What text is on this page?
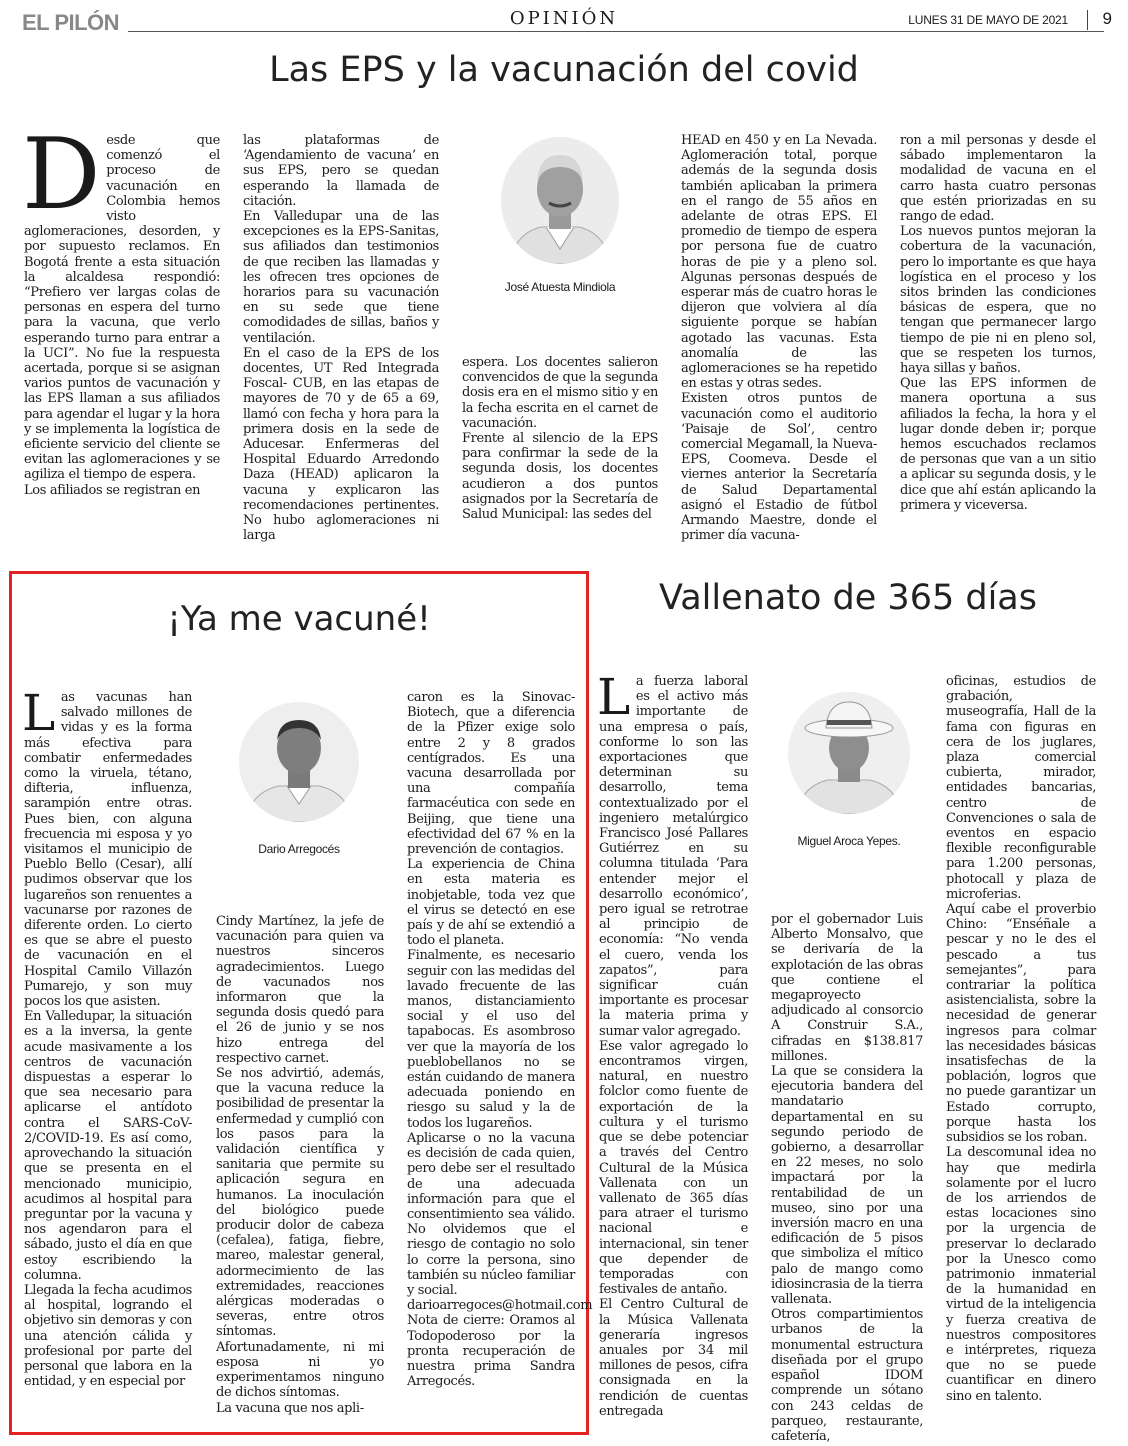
EL PILÓN	OPINIÓN	LUNES 31 DE MAYO DE 2021 9
Las EPS y la vacunación del covid
D esde que comenzó el proceso de vacunación en Colombia hemos visto aglomeraciones, desorden, y por supuesto reclamos. En Bogotá frente a esta situación la alcaldesa respondió: “Prefiero ver largas colas de personas en espera del turno para la vacuna, que verlo esperando turno para entrar a la UCI”. No fue la respuesta acertada, porque si se asignan varios puntos de vacunación y las EPS llaman a sus afiliados para agendar el lugar y la hora y se implementa la logística de eficiente servicio del cliente se evitan las aglomeraciones y se agiliza el tiempo de espera.

Los afiliados se registran en

las plataformas de ‘Agendamiento de vacuna’ en sus EPS, pero se quedan esperando la llamada de citación.

En Valledupar una de las excepciones es la EPS-Sanitas, sus afiliados dan testimonios de que reciben las llamadas y les ofrecen tres opciones de horarios para su vacunación en su sede que tiene comodidades de sillas, baños y ventilación.

En el caso de la EPS de los docentes, UT Red Integrada Foscal- CUB, en las etapas de mayores de 70 y de 65 a 69, llamó con fecha y hora para la primera dosis en la sede de Aducesar. Enfermeras del Hospital Eduardo Arredondo Daza (HEAD) aplicaron la vacuna y explicaron las recomendaciones pertinentes. No hubo aglomeraciones ni larga

José Atuesta Mindiola

espera. Los docentes salieron convencidos de que la segunda dosis era en el mismo sitio y en la fecha escrita en el carnet de vacunación.

Frente al silencio de la EPS para confirmar la sede de la segunda dosis, los docentes acudieron a dos puntos asignados por la Secretaría de Salud Municipal: las sedes del

HEAD en 450 y en La Nevada. Aglomeración total, porque además de la segunda dosis también aplicaban la primera en el rango de 55 años en adelante de otras EPS. El promedio de tiempo de espera por persona fue de cuatro horas de pie y a pleno sol. Algunas personas después de esperar más de cuatro horas le dijeron que volviera al día siguiente porque se habían agotado las vacunas. Esta anomalía de las aglomeraciones se ha repetido en estas y otras sedes.

Existen otros puntos de vacunación como el auditorio ‘Paisaje de Sol’, centro comercial Megamall, la Nueva-EPS, Coomeva. Desde el viernes anterior la Secretaría de Salud Departamental asignó el Estadio de fútbol Armando Maestre, donde el primer día vacuna-

ron a mil personas y desde el sábado implementaron la modalidad de vacuna en el carro hasta cuatro personas que estén priorizadas en su rango de edad.

Los nuevos puntos mejoran la cobertura de la vacunación, pero lo importante es que haya logística en el proceso y los sitos brinden las condiciones básicas de espera, que no tengan que permanecer largo tiempo de pie ni en pleno sol, que se respeten los turnos, haya sillas y baños.

Que las EPS informen de manera oportuna a sus afiliados la fecha, la hora y el lugar donde deben ir; porque hemos escuchados reclamos de personas que van a un sitio a aplicar su segunda dosis, y le dice que ahí están aplicando la primera y viceversa.

¡Ya me vacuné!
L as vacunas han salvado millones de vidas y es la forma más efectiva para combatir enfermedades como la viruela, tétano, difteria, influenza, sarampión entre otras. Pues bien, con alguna frecuencia mi esposa y yo visitamos el municipio de Pueblo Bello (Cesar), allí pudimos observar que los lugareños son renuentes a vacunarse por razones de diferente orden. Lo cierto es que se abre el puesto de vacunación en el Hospital Camilo Villazón Pumarejo, y son muy pocos los que asisten.

En Valledupar, la situación es a la inversa, la gente acude masivamente a los centros de vacunación dispuestas a esperar lo que sea necesario para aplicarse el antídoto contra el SARS-CoV-2/COVID-19. Es así como, aprovechando la situación que se presenta en el mencionado municipio, acudimos al hospital para preguntar por la vacuna y nos agendaron para el sábado, justo el día en que estoy escribiendo la columna.

Llegada la fecha acudimos al hospital, logrando el objetivo sin demoras y con una atención cálida y profesional por parte del personal que labora en la entidad, y en especial por

Dario Arregocés

Cindy Martínez, la jefe de vacunación para quien va nuestros sinceros agradecimientos. Luego de vacunados nos informaron que la segunda dosis quedó para el 26 de junio y se nos hizo entrega del respectivo carnet.

Se nos advirtió, además, que la vacuna reduce la posibilidad de presentar la enfermedad y cumplió con los pasos para la validación científica y sanitaria que permite su aplicación segura en humanos. La inoculación del biológico puede producir dolor de cabeza (cefalea), fatiga, fiebre, mareo, malestar general, adormecimiento de las extremidades, reacciones alérgicas moderadas o severas, entre otros síntomas. Afortunadamente, ni mi esposa ni yo experimentamos ninguno de dichos síntomas.

La vacuna que nos apli-

caron es la Sinovac-Biotech, que a diferencia de la Pfizer exige solo entre 2 y 8 grados centígrados. Es una vacuna desarrollada por una compañía farmacéutica con sede en Beijing, que tiene una efectividad del 67 % en la prevención de contagios.

La experiencia de China en esta materia es inobjetable, toda vez que el virus se detectó en ese país y de ahí se extendió a todo el planeta.

Finalmente, es necesario seguir con las medidas del lavado frecuente de las manos, distanciamiento social y el uso del tapabocas. Es asombroso ver que la mayoría de los pueblobellanos no se están cuidando de manera adecuada poniendo en riesgo su salud y la de todos los lugareños.

Aplicarse o no la vacuna es decisión de cada quien, pero debe ser el resultado de una adecuada información para que el consentimiento sea válido. No olvidemos que el riesgo de contagio no solo lo corre la persona, sino también su núcleo familiar y social.

darioarregoces@hotmail.com

Nota de cierre: Oramos al Todopoderoso por la pronta recuperación de nuestra prima Sandra Arregocés.

Vallenato de 365 días
L a fuerza laboral es el activo más importante de una empresa o país, conforme lo son las exportaciones que determinan su desarrollo, tema contextualizado por el ingeniero metalúrgico Francisco José Pallares Gutiérrez en su columna titulada ‘Para entender mejor el desarrollo económico’, pero igual se retrotrae al principio de economía: “No venda el cuero, venda los zapatos”, para significar cuán importante es procesar la materia prima y sumar valor agregado.

Ese valor agregado lo encontramos virgen, natural, en nuestro folclor como fuente de exportación de la cultura y el turismo que se debe potenciar a través del Centro Cultural de la Música Vallenata con un vallenato de 365 días para atraer el turismo nacional e internacional, sin tener que depender de temporadas con festivales de antaño.

El Centro Cultural de la Música Vallenata generaría ingresos anuales por 34 mil millones de pesos, cifra consignada en la rendición de cuentas entregada

Miguel Aroca Yepes.

por el gobernador Luis Alberto Monsalvo, que se derivaría de la explotación de las obras que contiene el megaproyecto adjudicado al consorcio A Construir S.A., cifradas en $138.817 millones.

La que se considera la ejecutoria bandera del mandatario departamental en su segundo periodo de gobierno, a desarrollar en 22 meses, no solo impactará por la rentabilidad de un museo, sino por una inversión macro en una edificación de 5 pisos que simboliza el mítico palo de mango como idiosincrasia de la tierra vallenata.

Otros compartimientos urbanos de la monumental estructura diseñada por el grupo español IDOM comprende un sótano con 243 celdas de parqueo, restaurante, cafetería,

oficinas, estudios de grabación, museografía, Hall de la fama con figuras en cera de los juglares, plaza comercial cubierta, mirador, entidades bancarias, centro de Convenciones o sala de eventos en espacio flexible reconfigurable para 1.200 personas, photocall y plaza de microferias.

Aquí cabe el proverbio Chino: “Enséñale a pescar y no le des el pescado a tus semejantes”, para contrariar la política asistencialista, sobre la necesidad de generar ingresos para colmar las necesidades básicas insatisfechas de la población, logros que no puede garantizar un Estado corrupto, porque hasta los subsidios se los roban.

La descomunal idea no hay que medirla solamente por el lucro de los arriendos de estas locaciones sino por la urgencia de preservar lo declarado por la Unesco como patrimonio inmaterial de la humanidad en virtud de la inteligencia y fuerza creativa de nuestros compositores e intérpretes, riqueza que no se puede cuantificar en dinero sino en talento.
